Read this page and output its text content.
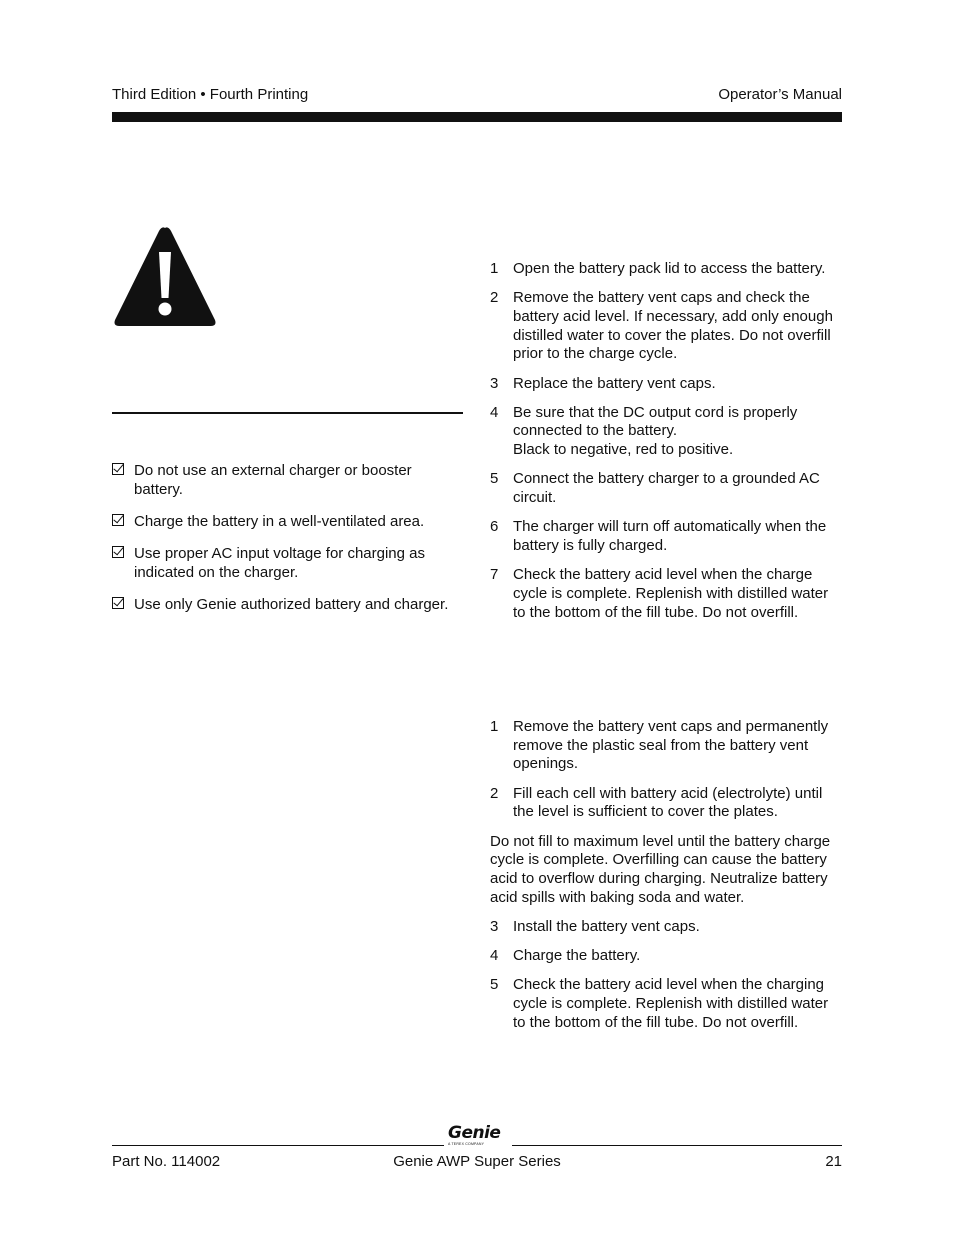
Third Edition • Fourth Printing	Operator’s Manual
Do not use an external charger or booster battery.
Charge the battery in a well-ventilated area.
Use proper AC input voltage for charging as indicated on the charger.
Use only Genie authorized battery and charger.
1 Open the battery pack lid to access the battery.
2 Remove the battery vent caps and check the battery acid level. If necessary, add only enough distilled water to cover the plates. Do not overfill prior to the charge cycle.
3 Replace the battery vent caps.
4 Be sure that the DC output cord is properly connected to the battery.
Black to negative, red to positive.
5 Connect the battery charger to a grounded AC circuit.
6 The charger will turn off automatically when the battery is fully charged.
7 Check the battery acid level when the charge cycle is complete. Replenish with distilled water to the bottom of the fill tube. Do not overfill.
1 Remove the battery vent caps and permanently remove the plastic seal from the battery vent openings.
2 Fill each cell with battery acid (electrolyte) until the level is sufficient to cover the plates.

Do not fill to maximum level until the battery charge cycle is complete. Overfilling can cause the battery acid to overflow during charging. Neutralize battery acid spills with baking soda and water.

3 Install the battery vent caps.
4 Charge the battery.
5 Check the battery acid level when the charging cycle is complete. Replenish with distilled water to the bottom of the fill tube. Do not overfill.
Genie
A TEREX COMPANY
Part No. 114002	Genie AWP Super Series	21
